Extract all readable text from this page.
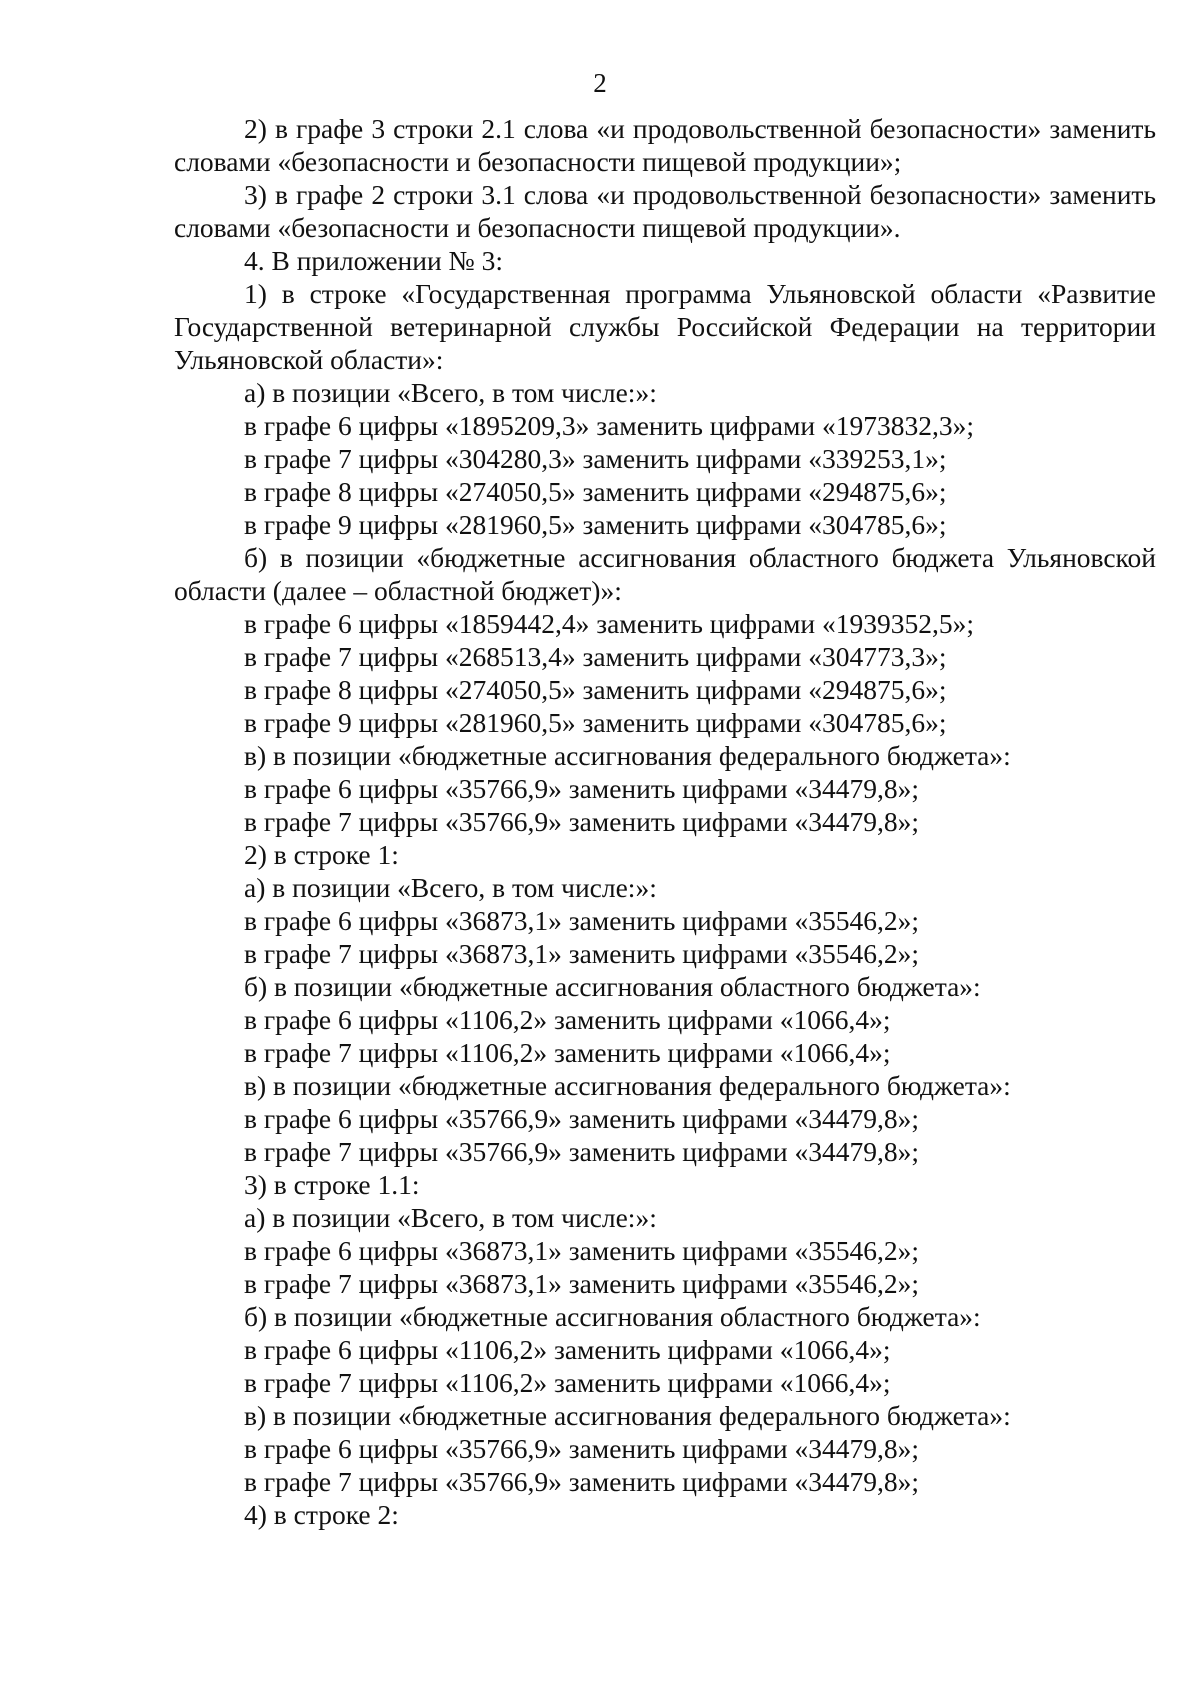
2

2) в графе 3 строки 2.1 слова «и продовольственной безопасности» заменить словами «безопасности и безопасности пищевой продукции»;

3) в графе 2 строки 3.1 слова «и продовольственной безопасности» заменить словами «безопасности и безопасности пищевой продукции».

4. В приложении № 3:

1) в строке «Государственная программа Ульяновской области «Развитие Государственной ветеринарной службы Российской Федерации на территории Ульяновской области»:

а) в позиции «Всего, в том числе:»:

в графе 6 цифры «1895209,3» заменить цифрами «1973832,3»;

в графе 7 цифры «304280,3» заменить цифрами «339253,1»;

в графе 8 цифры «274050,5» заменить цифрами «294875,6»;

в графе 9 цифры «281960,5» заменить цифрами «304785,6»;

б) в позиции «бюджетные ассигнования областного бюджета Ульяновской области (далее – областной бюджет)»:

в графе 6 цифры «1859442,4» заменить цифрами «1939352,5»;

в графе 7 цифры «268513,4» заменить цифрами «304773,3»;

в графе 8 цифры «274050,5» заменить цифрами «294875,6»;

в графе 9 цифры «281960,5» заменить цифрами «304785,6»;

в) в позиции «бюджетные ассигнования федерального бюджета»:

в графе 6 цифры «35766,9» заменить цифрами «34479,8»;

в графе 7 цифры «35766,9» заменить цифрами «34479,8»;

2) в строке 1:

а) в позиции «Всего, в том числе:»:

в графе 6 цифры «36873,1» заменить цифрами «35546,2»;

в графе 7 цифры «36873,1» заменить цифрами «35546,2»;

б) в позиции «бюджетные ассигнования областного бюджета»:

в графе 6 цифры «1106,2» заменить цифрами «1066,4»;

в графе 7 цифры «1106,2» заменить цифрами «1066,4»;

в) в позиции «бюджетные ассигнования федерального бюджета»:

в графе 6 цифры «35766,9» заменить цифрами «34479,8»;

в графе 7 цифры «35766,9» заменить цифрами «34479,8»;

3) в строке 1.1:

а) в позиции «Всего, в том числе:»:

в графе 6 цифры «36873,1» заменить цифрами «35546,2»;

в графе 7 цифры «36873,1» заменить цифрами «35546,2»;

б) в позиции «бюджетные ассигнования областного бюджета»:

в графе 6 цифры «1106,2» заменить цифрами «1066,4»;

в графе 7 цифры «1106,2» заменить цифрами «1066,4»;

в) в позиции «бюджетные ассигнования федерального бюджета»:

в графе 6 цифры «35766,9» заменить цифрами «34479,8»;

в графе 7 цифры «35766,9» заменить цифрами «34479,8»;

4) в строке 2:
